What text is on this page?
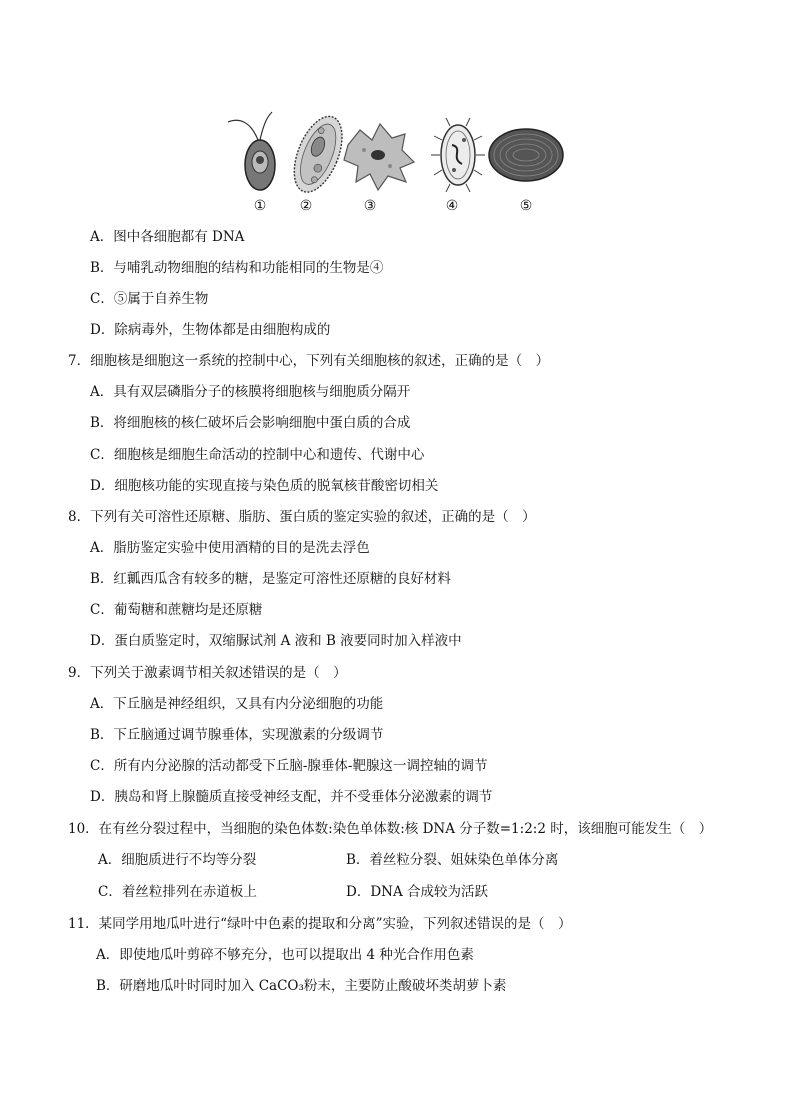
① ②	③	④	⑤
A．图中各细胞都有 DNA
B．与哺乳动物细胞的结构和功能相同的生物是④
C．⑤属于自养生物
D．除病毒外，生物体都是由细胞构成的
7．细胞核是细胞这一系统的控制中心，下列有关细胞核的叙述，正确的是（　）
A．具有双层磷脂分子的核膜将细胞核与细胞质分隔开
B．将细胞核的核仁破坏后会影响细胞中蛋白质的合成
C．细胞核是细胞生命活动的控制中心和遗传、代谢中心
D．细胞核功能的实现直接与染色质的脱氧核苷酸密切相关
8．下列有关可溶性还原糖、脂肪、蛋白质的鉴定实验的叙述，正确的是（　）
A．脂肪鉴定实验中使用酒精的目的是洗去浮色
B．红瓤西瓜含有较多的糖，是鉴定可溶性还原糖的良好材料
C．葡萄糖和蔗糖均是还原糖
D．蛋白质鉴定时，双缩脲试剂 A 液和 B 液要同时加入样液中
9．下列关于激素调节相关叙述错误的是（　）
A．下丘脑是神经组织，又具有内分泌细胞的功能
B．下丘脑通过调节腺垂体，实现激素的分级调节
C．所有内分泌腺的活动都受下丘脑-腺垂体-靶腺这一调控轴的调节
D．胰岛和肾上腺髓质直接受神经支配，并不受垂体分泌激素的调节
10．在有丝分裂过程中，当细胞的染色体数:染色单体数:核 DNA 分子数=1:2:2 时，该细胞可能发生（　）
A．细胞质进行不均等分裂	B．着丝粒分裂、姐妹染色单体分离
C．着丝粒排列在赤道板上	D．DNA 合成较为活跃
11．某同学用地瓜叶进行“绿叶中色素的提取和分离”实验，下列叙述错误的是（　）
A．即使地瓜叶剪碎不够充分，也可以提取出 4 种光合作用色素
B．研磨地瓜叶时同时加入 CaCO₃粉末，主要防止酸破坏类胡萝卜素
